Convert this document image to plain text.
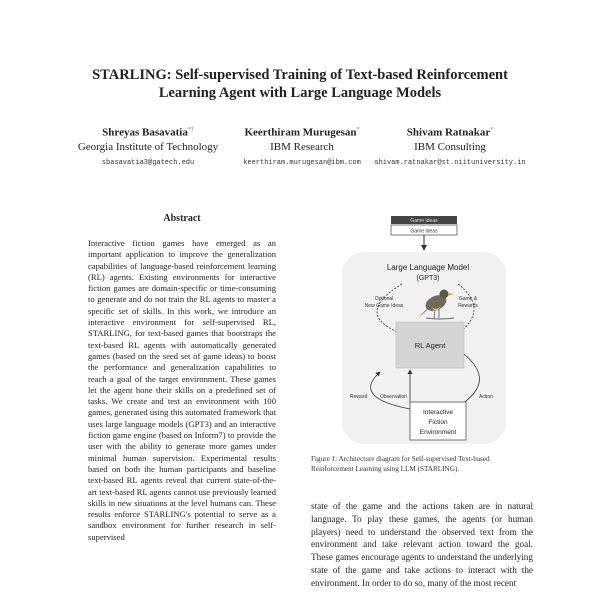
STARLING: Self-supervised Training of Text-based Reinforcement
Learning Agent with Large Language Models
Shreyas Basavatia*†
Georgia Institute of Technology
sbasavatia3@gatech.edu
Keerthiram Murugesan*
IBM Research
keerthiram.murugesan@ibm.com
Shivam Ratnakar*
IBM Consulting
shivam.ratnakar@st.niituniversity.in
Abstract

Interactive fiction games have emerged as an important application to improve the generalization capabilities of language-based reinforcement learning (RL) agents. Existing environments for interactive fiction games are domain-specific or time-consuming to generate and do not train the RL agents to master a specific set of skills. In this work, we introduce an interactive environment for self-supervised RL, STARLING, for text-based games that bootstraps the text-based RL agents with automatically generated games (based on the seed set of game ideas) to boost the performance and generalization capabilities to reach a goal of the target environment. These games let the agent hone their skills on a predefined set of tasks. We create and test an environment with 100 games, generated using this automated framework that uses large language models (GPT3) and an interactive fiction game engine (based on Inform7) to provide the user with the ability to generate more games under minimal human supervision. Experimental results based on both the human participants and baseline text-based RL agents reveal that current state-of-the-art text-based RL agents cannot use previously learned skills in new situations at the level humans can. These results enforce STARLING's potential to serve as a sandbox environment for further research in self-supervised

Game Ideas
Game Ideas
Large Language Model
(GPT3)
Optional
New Game Ideas
Game &
Rewards
RL Agent
Reward	Observation	Action
Interactive
Fiction
Environment
Figure 1: Architecture diagram for Self-supervised Text-based Reinforcement Learning using LLM (STARLING).

state of the game and the actions taken are in natural language. To play these games, the agents (or human players) need to understand the observed text from the environment and take relevant action toward the goal. These games encourage agents to understand the underlying state of the game and take actions to interact with the environment. In order to do so, many of the most recent
